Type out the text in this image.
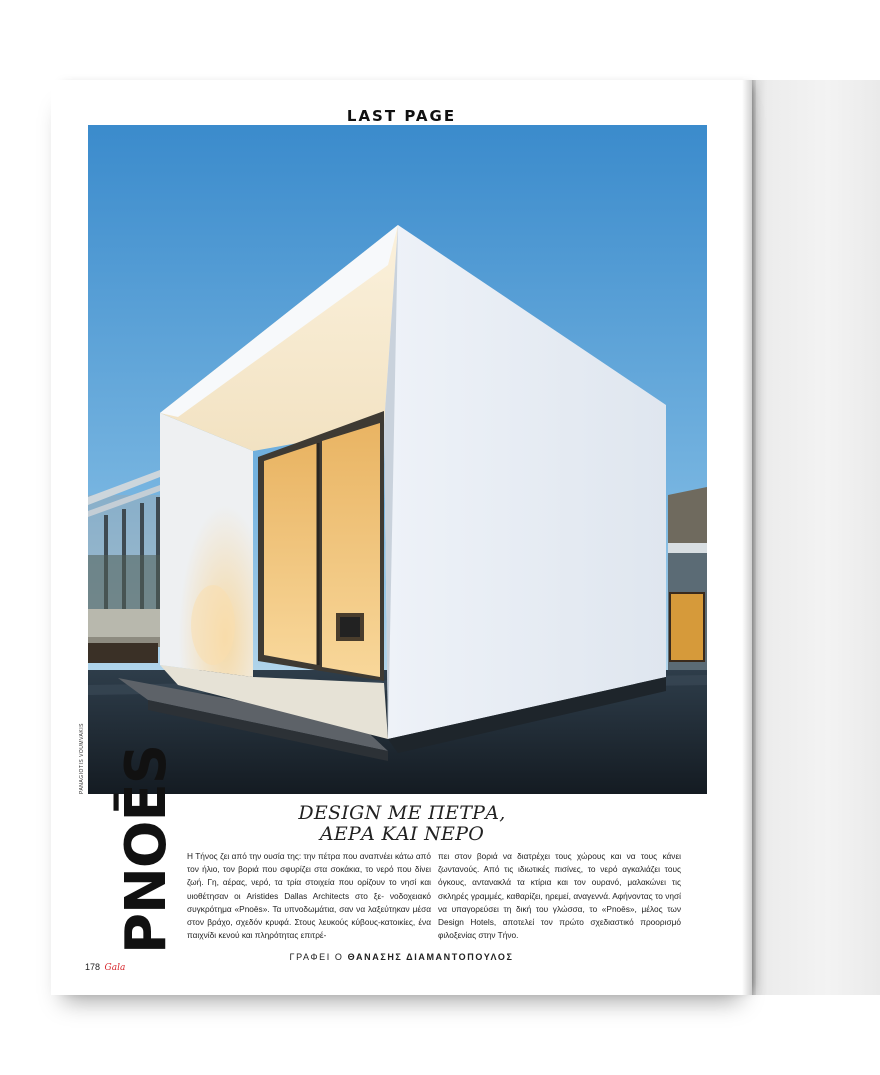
LAST PAGE
PANAGIOTIS VOUMVAKIS PNOĒS	DESIGN ΜΕ ΠΕΤΡΑ,
ΑΕΡΑ ΚΑΙ ΝΕΡΟ
Η Τήνος ζει από την ουσία της: την πέτρα που αναπνέει κάτω από τον ήλιο, τον βοριά που σφυρίζει στα σοκάκια, το νερό που δίνει ζωή. Γη, αέρας, νερό, τα τρία στοιχεία που ορίζουν το νησί και υιοθέτησαν οι Aristides Dallas Architects στο ξε- νοδοχειακό συγκρότημα «Pnoēs». Τα υπνοδωμάτια, σαν να λαξεύτηκαν μέσα στον βράχο, σχεδόν κρυφά. Στους λευκούς κύβους-κατοικίες, ένα παιχνίδι κενού και πληρότητας επιτρέ-
πει στον βοριά να διατρέχει τους χώρους και να τους κάνει ζωντανούς. Από τις ιδιωτικές πισίνες, το νερό αγκαλιάζει τους όγκους, αντανακλά τα κτίρια και τον ουρανό, μαλακώνει τις σκληρές γραμμές, καθαρίζει, ηρεμεί, αναγεννά. Αφήνοντας το νησί να υπαγορεύσει τη δική του γλώσσα, το «Pnoēs», μέλος των Design Hotels, αποτελεί τον πρώτο σχεδιαστικό προορισμό φιλοξενίας στην Τήνο.
ΓΡΑΦΕΙ Ο ΘΑΝΑΣΗΣ ΔΙΑΜΑΝΤΟΠΟΥΛΟΣ
178 Gala
